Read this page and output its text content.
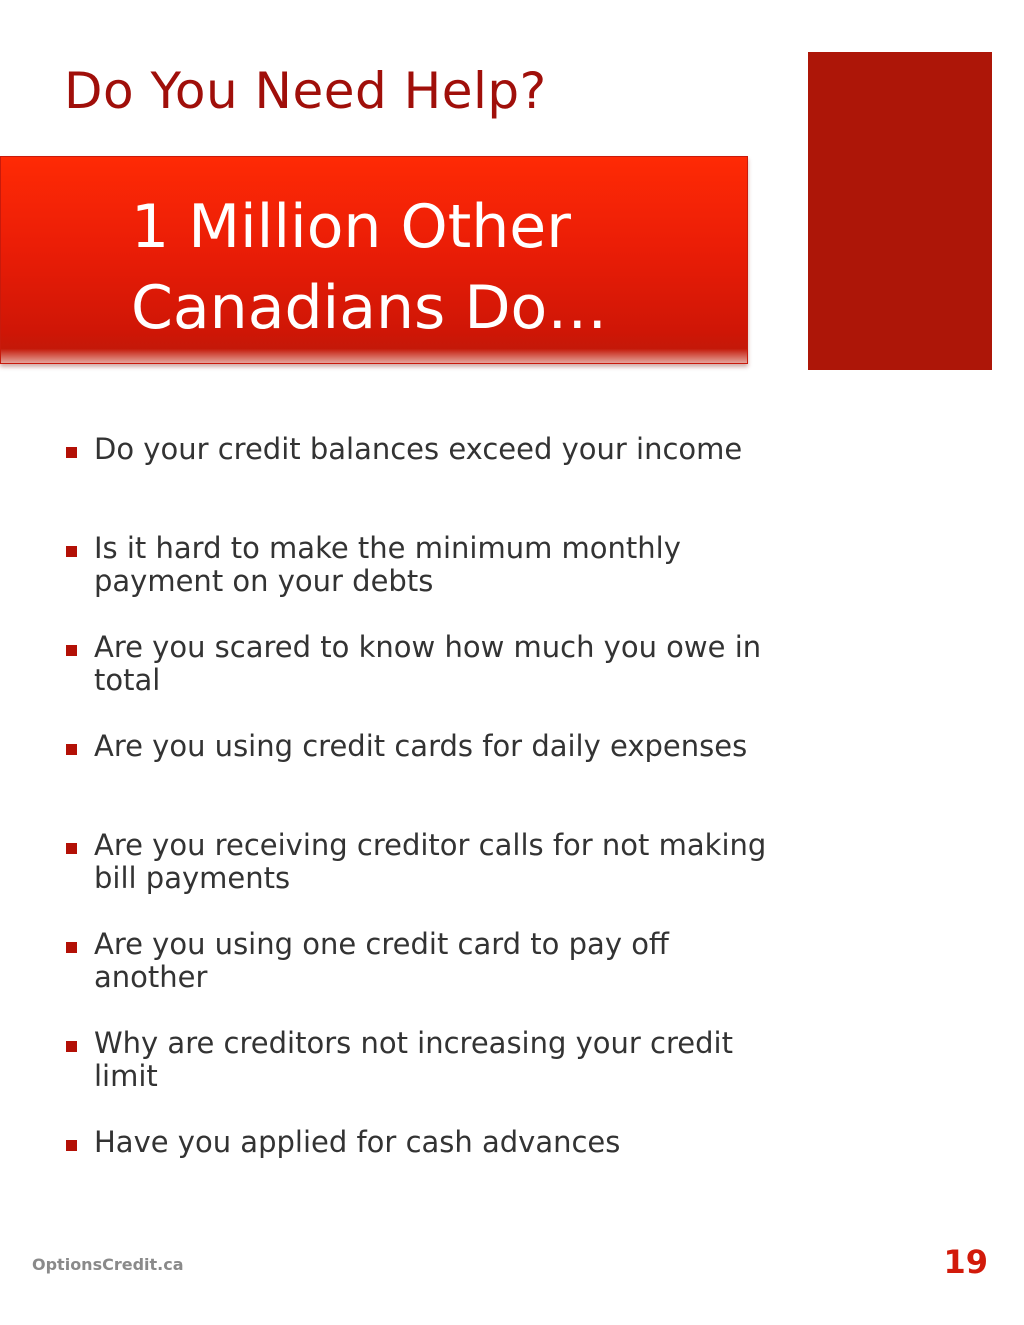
Do You Need Help?

1 Million Other

Canadians Do…

Do your credit balances exceed your income
Is it hard to make the minimum monthly payment on your debts
Are you scared to know how much you owe in total
Are you using credit cards for daily expenses
Are you receiving creditor calls for not making bill payments
Are you using one credit card to pay off another
Why are creditors not increasing your credit limit
Have you applied for cash advances
OptionsCredit.ca	19
